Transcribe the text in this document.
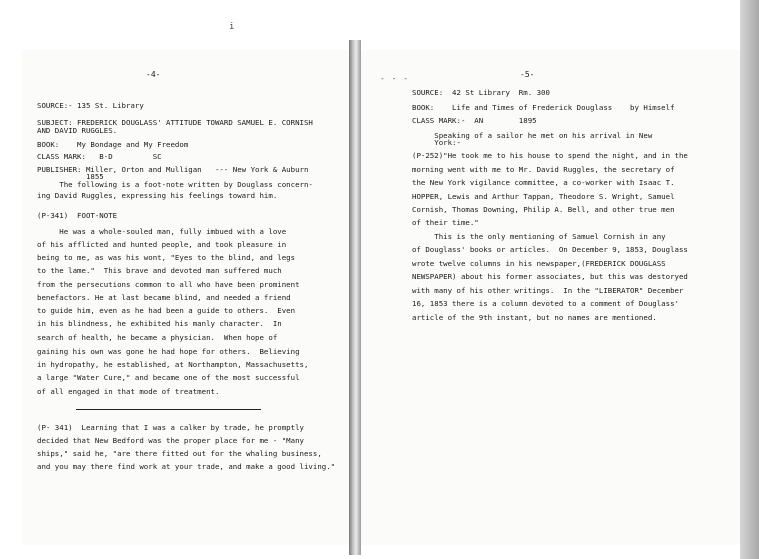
i
- - -
-4-	-5-
SOURCE:- 135 St. Library
SUBJECT: FREDERICK DOUGLASS' ATTITUDE TOWARD SAMUEL E. CORNISH
AND DAVID RUGGLES.
BOOK:    My Bondage and My Freedom
CLASS MARK:   B-D         SC
PUBLISHER: Miller, Orton and Mulligan   --- New York & Auburn
1855
The following is a foot-note written by Douglass concern-
ing David Ruggles, expressing his feelings toward him.
(P-341)  FOOT-NOTE
He was a whole-souled man, fully imbued with a love
of his afflicted and hunted people, and took pleasure in
being to me, as was his wont, "Eyes to the blind, and legs
to the lame."  This brave and devoted man suffered much
from the persecutions common to all who have been prominent
benefactors. He at last became blind, and needed a friend
to guide him, even as he had been a guide to others.  Even
in his blindness, he exhibited his manly character.  In
search of health, he became a physician.  When hope of
gaining his own was gone he had hope for others.  Believing
in hydropathy, he established, at Northampton, Massachusetts,
a large "Water Cure," and became one of the most successful
of all engaged in that mode of treatment.
(P- 341)  Learning that I was a calker by trade, he promptly
decided that New Bedford was the proper place for me - "Many
ships," said he, "are there fitted out for the whaling business,
and you may there find work at your trade, and make a good living."
SOURCE:  42 St Library  Rm. 300
BOOK:    Life and Times of Frederick Douglass    by Himself
CLASS MARK:-  AN        1895
Speaking of a sailor he met on his arrival in New
York:-
(P-252)"He took me to his house to spend the night, and in the
morning went with me to Mr. David Ruggles, the secretary of
the New York vigilance committee, a co-worker with Isaac T.
HOPPER, Lewis and Arthur Tappan, Theodore S. Wright, Samuel
Cornish, Thomas Downing, Philip A. Bell, and other true men
of their time."
This is the only mentioning of Samuel Cornish in any
of Douglass' books or articles.  On December 9, 1853, Douglass
wrote twelve columns in his newspaper,(FREDERICK DOUGLASS
NEWSPAPER) about his former associates, but this was destoryed
with many of his other writings.  In the "LIBERATOR" December
16, 1853 there is a column devoted to a comment of Douglass'
article of the 9th instant, but no names are mentioned.
